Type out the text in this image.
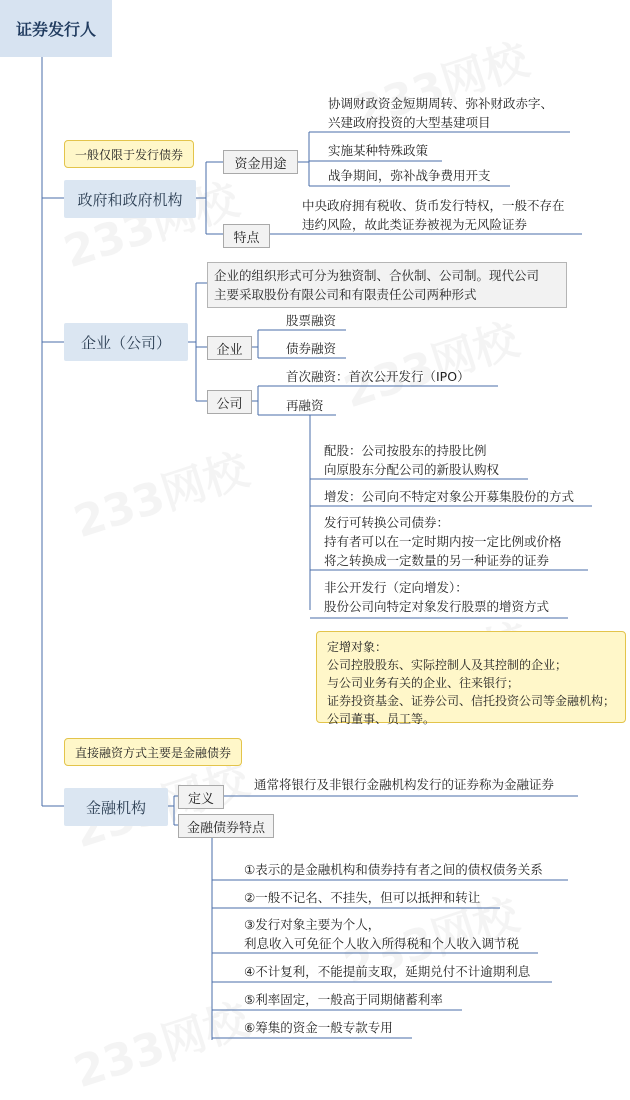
证券发行人
一般仅限于发行债券
政府和政府机构
资金用途
协调财政资金短期周转、弥补财政赤字、
兴建政府投资的大型基建项目
实施某种特殊政策
战争期间，弥补战争费用开支
特点
中央政府拥有税收、货币发行特权，一般不存在
违约风险，故此类证券被视为无风险证券
企业（公司）
企业的组织形式可分为独资制、合伙制、公司制。现代公司
主要采取股份有限公司和有限责任公司两种形式
企业
股票融资
债券融资
公司
首次融资：首次公开发行（IPO）
再融资
配股：公司按股东的持股比例
向原股东分配公司的新股认购权
增发：公司向不特定对象公开募集股份的方式
发行可转换公司债券：
持有者可以在一定时期内按一定比例或价格
将之转换成一定数量的另一种证券的证券
非公开发行（定向增发）：
股份公司向特定对象发行股票的增资方式
定增对象：
公司控股股东、实际控制人及其控制的企业；
与公司业务有关的企业、往来银行；
证券投资基金、证券公司、信托投资公司等金融机构；
公司董事、员工等。
直接融资方式主要是金融债券
金融机构	定义
通常将银行及非银行金融机构发行的证券称为金融证券
金融债券特点
①表示的是金融机构和债券持有者之间的债权债务关系
②一般不记名、不挂失，但可以抵押和转让
③发行对象主要为个人，
利息收入可免征个人收入所得税和个人收入调节税
④不计复利，不能提前支取，延期兑付不计逾期利息
⑤利率固定，一般高于同期储蓄利率
⑥筹集的资金一般专款专用
